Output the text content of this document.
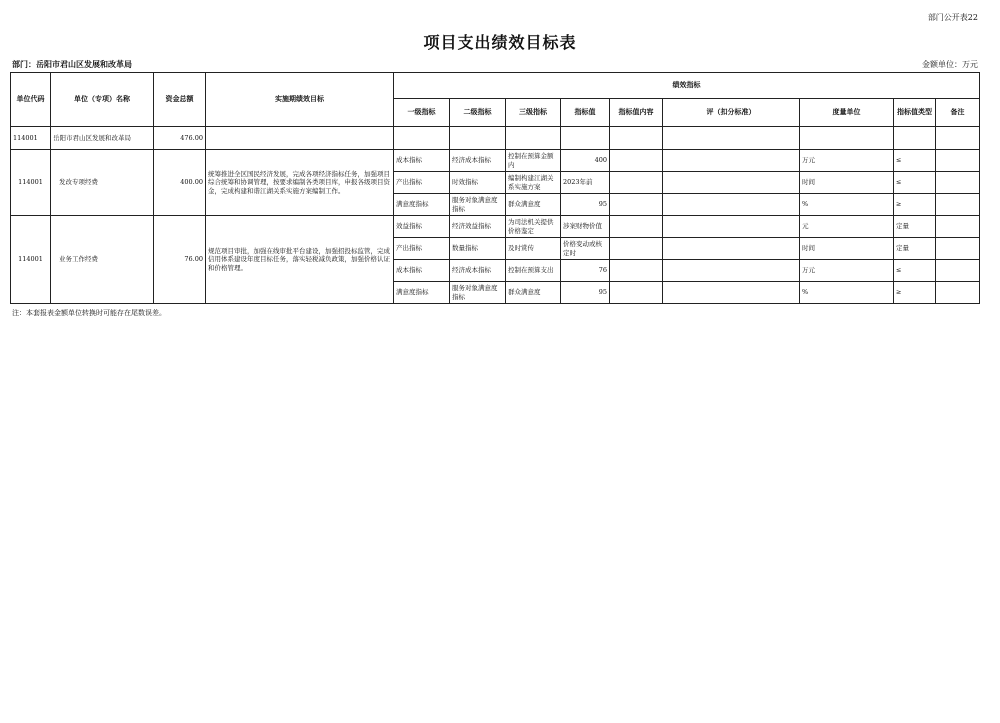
部门公开表22
项目支出绩效目标表
部门：岳阳市君山区发展和改革局	金额单位：万元
单位代码	单位（专项）名称	资金总额	实施期绩效目标	绩效指标								
				一级指标	二级指标	三级指标	指标值	指标值内容	评（扣分标准）	度量单位	指标值类型	备注
114001	岳阳市君山区发展和改革局	476.00										
114001	发改专项经费	400.00	统筹推进全区国民经济发展，完成各项经济指标任务，加强项目综合统筹和协调管理，按要求编制各类项目库，申报各级项目资金，完成构建和谐江湖关系实施方案编制工作。	成本指标	经济成本指标	控制在预算金额内	400			万元	≤	
				产出指标	时效指标	编制构建江湖关系实施方案	2023年前			时间	≤	
				满意度指标	服务对象满意度指标	群众满意度	95			%	≥	
114001	业务工作经费	76.00	规范项目审批，加强在线审批平台建设，加强招投标监管，完成信用体系建设年度目标任务，落实轻税减负政策，加强价格认证和价格管理。	效益指标	经济效益指标	为司法机关提供价格鉴定	涉案财物价值			元	定量	
				产出指标	数量指标	及时赏传	价格变动或核定时			时间	定量	
				成本指标	经济成本指标	控制在预算支出	76			万元	≤	
				满意度指标	服务对象满意度指标	群众满意度	95			%	≥	
注：本套报表金额单位转换时可能存在尾数误差。
